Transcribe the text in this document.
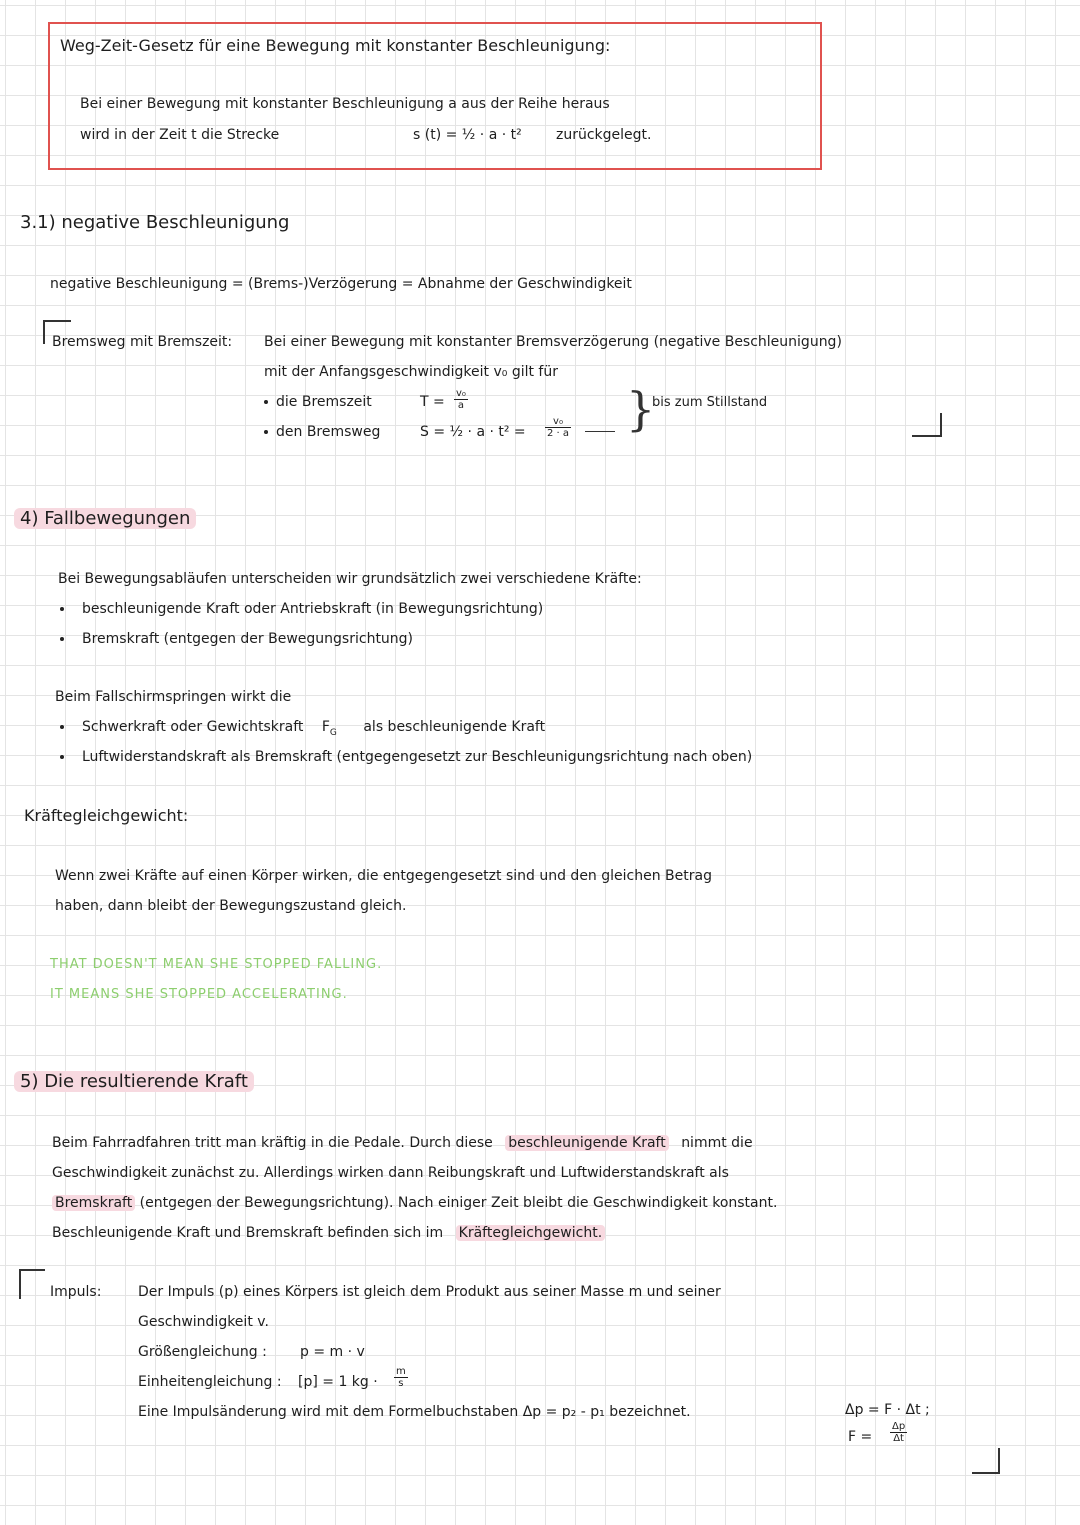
Weg-Zeit-Gesetz für eine Bewegung mit konstanter Beschleunigung:
Bei einer Bewegung mit konstanter Beschleunigung a aus der Reihe heraus
wird in der Zeit t die Strecke	s (t) = ½ · a · t² zurückgelegt.
3.1) negative Beschleunigung
negative Beschleunigung = (Brems-)Verzögerung = Abnahme der Geschwindigkeit
Bremsweg mit Bremszeit: Bei einer Bewegung mit konstanter Bremsverzögerung (negative Beschleunigung)
mit der Anfangsgeschwindigkeit v₀ gilt für
die Bremszeit	$T = \frac{\text{v₀}}{a}$
den Bremsweg	S = ½ · $a \cdot t^2 = \frac{\text{v₀}}{2 \cdot a}$ }
bis zum Stillstand
4) Fallbewegungen
Bei Bewegungsabläufen unterscheiden wir grundsätzlich zwei verschiedene Kräfte:
beschleunigende Kraft oder Antriebskraft (in Bewegungsrichtung)
Bremskraft (entgegen der Bewegungsrichtung)
Beim Fallschirmspringen wirkt die
Schwerkraft oder Gewichtskraft $F_G$ als beschleunigende Kraft
Luftwiderstandskraft als Bremskraft (entgegengesetzt zur Beschleunigungsrichtung nach oben)
Kräftegleichgewicht:
Wenn zwei Kräfte auf einen Körper wirken, die entgegengesetzt sind und den gleichen Betrag
haben, dann bleibt der Bewegungszustand gleich.
THAT DOESN'T MEAN SHE STOPPED FALLING.
IT MEANS SHE STOPPED ACCELERATING.
5) Die resultierende Kraft
Beim Fahrradfahren tritt man kräftig in die Pedale. Durch diese beschleunigende Kraft nimmt die
Geschwindigkeit zunächst zu. Allerdings wirken dann Reibungskraft und Luftwiderstandskraft als
Bremskraft (entgegen der Bewegungsrichtung). Nach einiger Zeit bleibt die Geschwindigkeit konstant.
Beschleunigende Kraft und Bremskraft befinden sich im Kräftegleichgewicht.
Impuls:	Der Impuls (p) eines Körpers ist gleich dem Produkt aus seiner Masse m und seiner
Geschwindigkeit v.
Größengleichung : p = m · v
Einheitengleichung : [p] = 1 kg · $\frac{m}{s}$
Eine Impulsänderung wird mit dem Formelbuchstaben Δp = p₂ - p₁ bezeichnet.	Δp = F · Δt ;
$F = \frac{\Delta p}{\Delta t}$
